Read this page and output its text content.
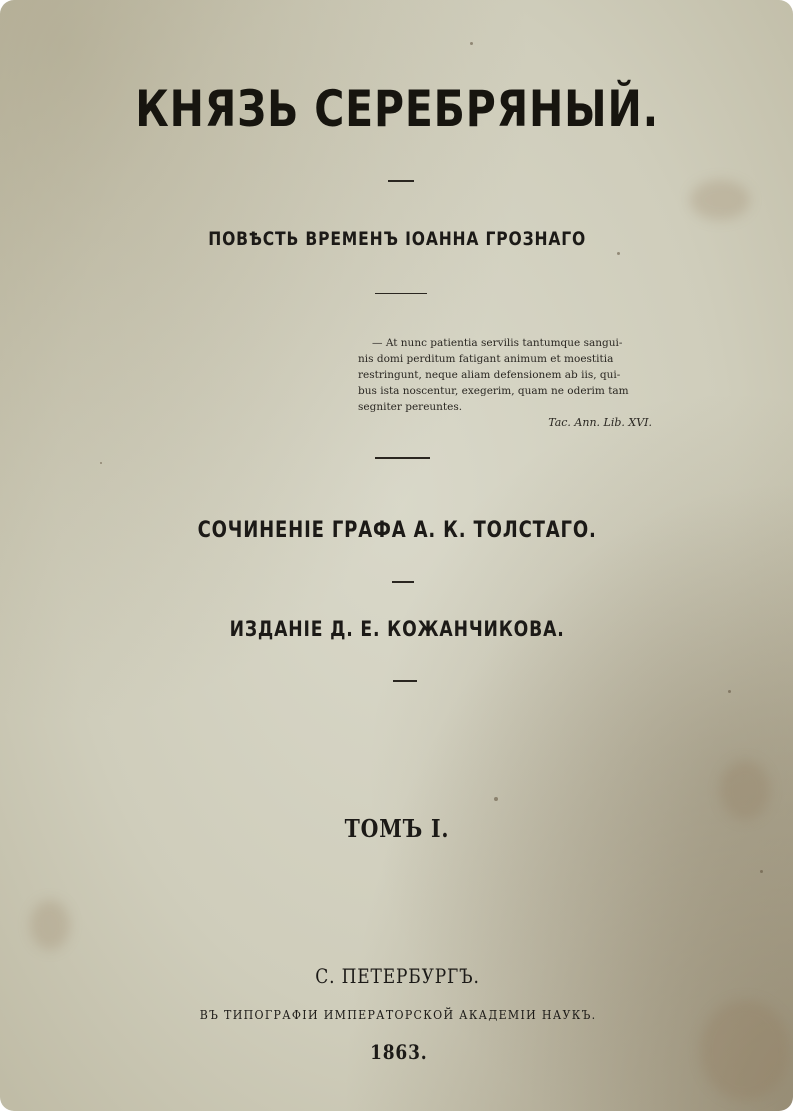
КНЯЗЬ СЕРЕБРЯНЫЙ.
ПОВѢСТЬ ВРЕМЕНЪ ІОАННА ГРОЗНАГО
— At nunc patientia servilis tantumque sangui-
nis domi perditum fatigant animum et moestitia
restringunt, neque aliam defensionem ab iis, qui-
bus ista noscentur, exegerim, quam ne oderim tam
segniter pereuntes.
Tac. Ann. Lib. XVI.
СОЧИНЕНІЕ ГРАФА А. К. ТОЛСТАГО.
ИЗДАНІЕ Д. Е. КОЖАНЧИКОВА.
ТОМЪ I.
С. ПЕТЕРБУРГЪ.
ВЪ ТИПОГРАФІИ ИМПЕРАТОРСКОЙ АКАДЕМІИ НАУКЪ.
1863.
